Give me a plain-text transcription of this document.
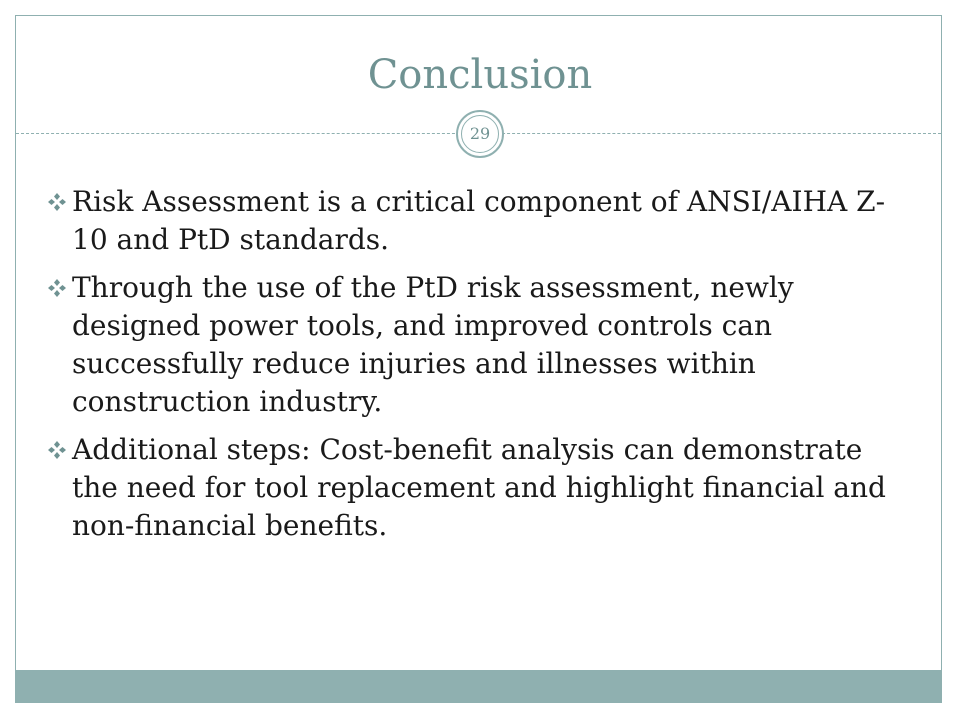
Conclusion
29
Risk Assessment is a critical component of ANSI/AIHA Z-10 and PtD standards.
Through the use of the PtD risk assessment, newly designed power tools, and improved controls can successfully reduce injuries and illnesses within construction industry.
Additional steps: Cost-benefit analysis can demonstrate the need for tool replacement and highlight financial and non-financial benefits.
